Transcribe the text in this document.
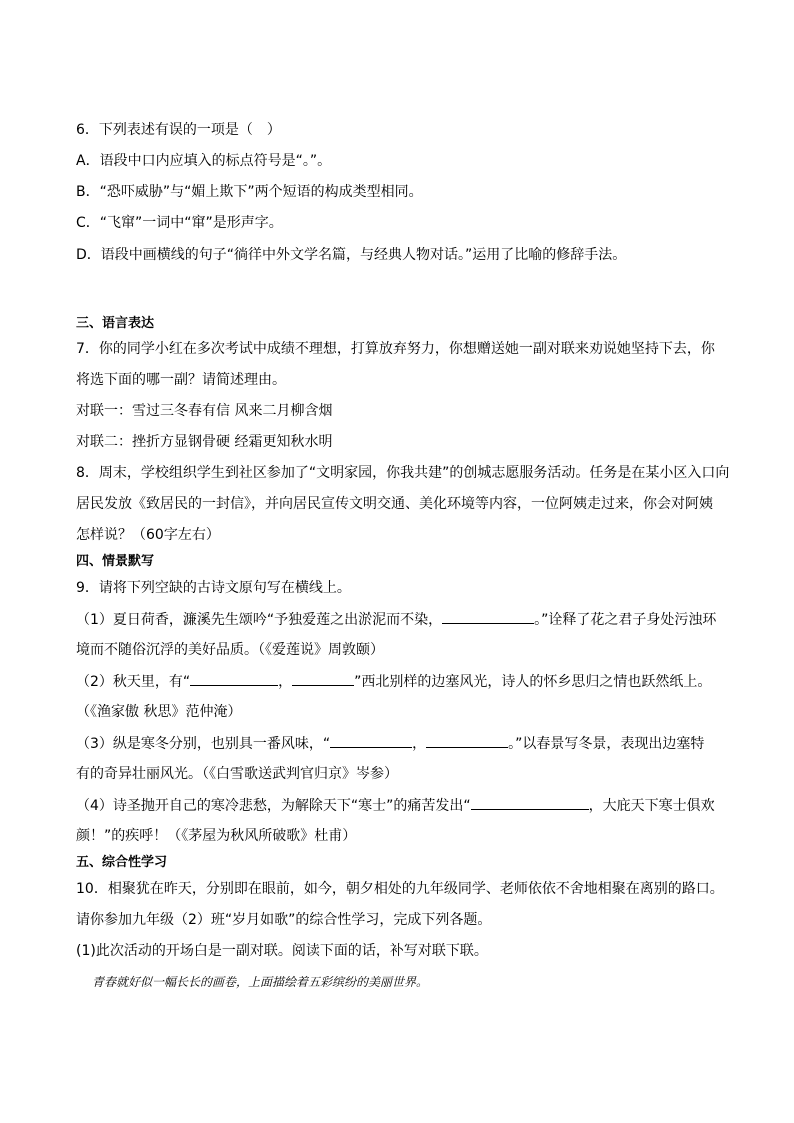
6．下列表述有误的一项是（　）
A．语段中口内应填入的标点符号是“。”。
B．“恐吓威胁”与“媚上欺下”两个短语的构成类型相同。
C．“飞窜”一词中“窜”是形声字。
D．语段中画横线的句子“徜徉中外文学名篇，与经典人物对话。”运用了比喻的修辞手法。
三、语言表达
7．你的同学小红在多次考试中成绩不理想，打算放弃努力，你想赠送她一副对联来劝说她坚持下去，你
将选下面的哪一副？请简述理由。
对联一：雪过三冬春有信 风来二月柳含烟
对联二：挫折方显钢骨硬 经霜更知秋水明
8．周末，学校组织学生到社区参加了“文明家园，你我共建”的创城志愿服务活动。任务是在某小区入口向
居民发放《致居民的一封信》，并向居民宣传文明交通、美化环境等内容，一位阿姨走过来，你会对阿姨
怎样说？（60字左右）
四、情景默写
9．请将下列空缺的古诗文原句写在横线上。
（1）夏日荷香，濂溪先生颂吟“予独爱莲之出淤泥而不染，	。”诠释了花之君子身处污浊环
境而不随俗沉浮的美好品质。（《爱莲说》周敦颐）
（2）秋天里，有“	，	”西北别样的边塞风光，诗人的怀乡思归之情也跃然纸上。
（《渔家傲 秋思》范仲淹）
（3）纵是寒冬分别，也别具一番风味，“	，	。”以春景写冬景，表现出边塞特
有的奇异壮丽风光。（《白雪歌送武判官归京》岑参）
（4）诗圣抛开自己的寒冷悲愁，为解除天下“寒士”的痛苦发出“	，大庇天下寒士俱欢
颜！”的疾呼！（《茅屋为秋风所破歌》杜甫）
五、综合性学习
10．相聚犹在昨天，分别即在眼前，如今，朝夕相处的九年级同学、老师依依不舍地相聚在离别的路口。
请你参加九年级（2）班“岁月如歌”的综合性学习，完成下列各题。
(1)此次活动的开场白是一副对联。阅读下面的话，补写对联下联。
青春就好似一幅长长的画卷，上面描绘着五彩缤纷的美丽世界。
